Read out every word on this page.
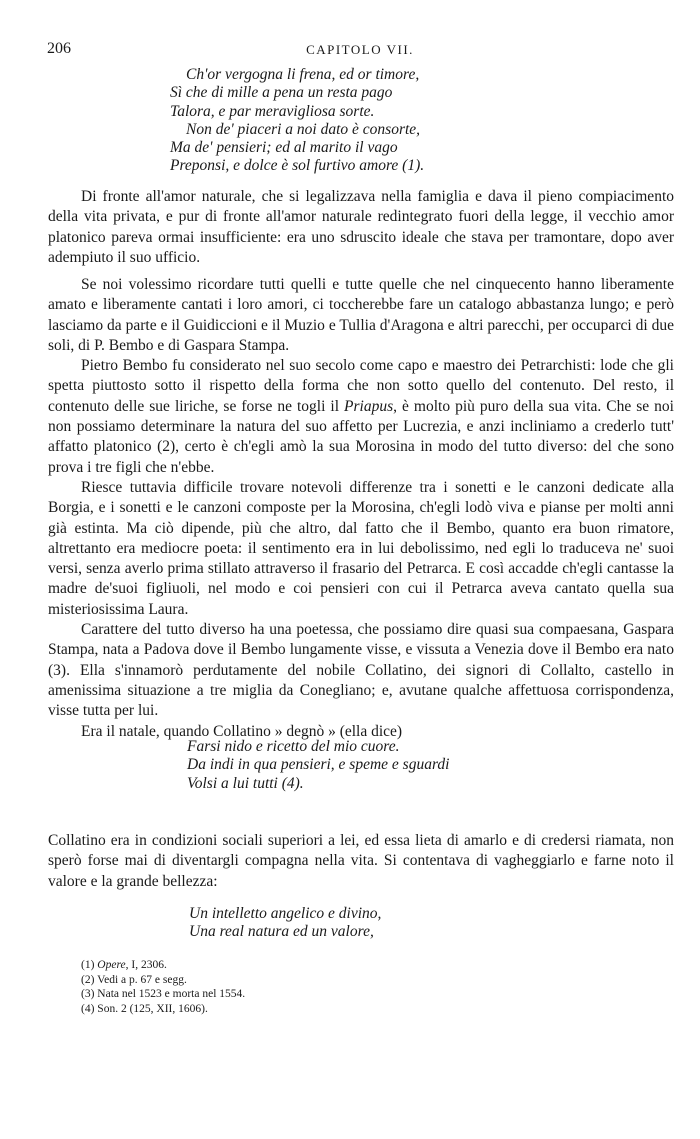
206	CAPITOLO VII.
Ch'or vergogna li frena, ed or timore,
Sì che di mille a pena un resta pago
Talora, e par meravigliosa sorte.
Non de' piaceri a noi dato è consorte,
Ma de' pensieri; ed al marito il vago
Preponsi, e dolce è sol furtivo amore (1).

Di fronte all'amor naturale, che si legalizzava nella famiglia e dava il pieno compiacimento della vita privata, e pur di fronte all'amor naturale redintegrato fuori della legge, il vecchio amor platonico pareva ormai insufficiente: era uno sdruscito ideale che stava per tramontare, dopo aver adempiuto il suo ufficio.

Se noi volessimo ricordare tutti quelli e tutte quelle che nel cinquecento hanno liberamente amato e liberamente cantati i loro amori, ci toccherebbe fare un catalogo abbastanza lungo; e però lasciamo da parte e il Guidiccioni e il Muzio e Tullia d'Aragona e altri parecchi, per occuparci di due soli, di P. Bembo e di Gaspara Stampa.

Pietro Bembo fu considerato nel suo secolo come capo e maestro dei Petrarchisti: lode che gli spetta piuttosto sotto il rispetto della forma che non sotto quello del contenuto. Del resto, il contenuto delle sue liriche, se forse ne togli il Priapus, è molto più puro della sua vita. Che se noi non possiamo determinare la natura del suo affetto per Lucrezia, e anzi incliniamo a crederlo tutt' affatto platonico (2), certo è ch'egli amò la sua Morosina in modo del tutto diverso: del che sono prova i tre figli che n'ebbe.

Riesce tuttavia difficile trovare notevoli differenze tra i sonetti e le canzoni dedicate alla Borgia, e i sonetti e le canzoni composte per la Morosina, ch'egli lodò viva e pianse per molti anni già estinta. Ma ciò dipende, più che altro, dal fatto che il Bembo, quanto era buon rimatore, altrettanto era mediocre poeta: il sentimento era in lui debolissimo, ned egli lo traduceva ne' suoi versi, senza averlo prima stillato attraverso il frasario del Petrarca. E così accadde ch'egli cantasse la madre de'suoi figliuoli, nel modo e coi pensieri con cui il Petrarca aveva cantato quella sua misteriosissima Laura.

Carattere del tutto diverso ha una poetessa, che possiamo dire quasi sua compaesana, Gaspara Stampa, nata a Padova dove il Bembo lungamente visse, e vissuta a Venezia dove il Bembo era nato (3). Ella s'innamorò perdutamente del nobile Collatino, dei signori di Collalto, castello in amenissima situazione a tre miglia da Conegliano; e, avutane qualche affettuosa corrispondenza, visse tutta per lui.

Era il natale, quando Collatino » degnò » (ella dice)

Farsi nido e ricetto del mio cuore.
Da indi in qua pensieri, e speme e sguardi
Volsi a lui tutti (4).

Collatino era in condizioni sociali superiori a lei, ed essa lieta di amarlo e di credersi riamata, non sperò forse mai di diventargli compagna nella vita. Si contentava di vagheggiarlo e farne noto il valore e la grande bellezza:

Un intelletto angelico e divino,
Una real natura ed un valore,
(1) Opere, I, 2306.
(2) Vedi a p. 67 e segg.
(3) Nata nel 1523 e morta nel 1554.
(4) Son. 2 (125, XII, 1606).
